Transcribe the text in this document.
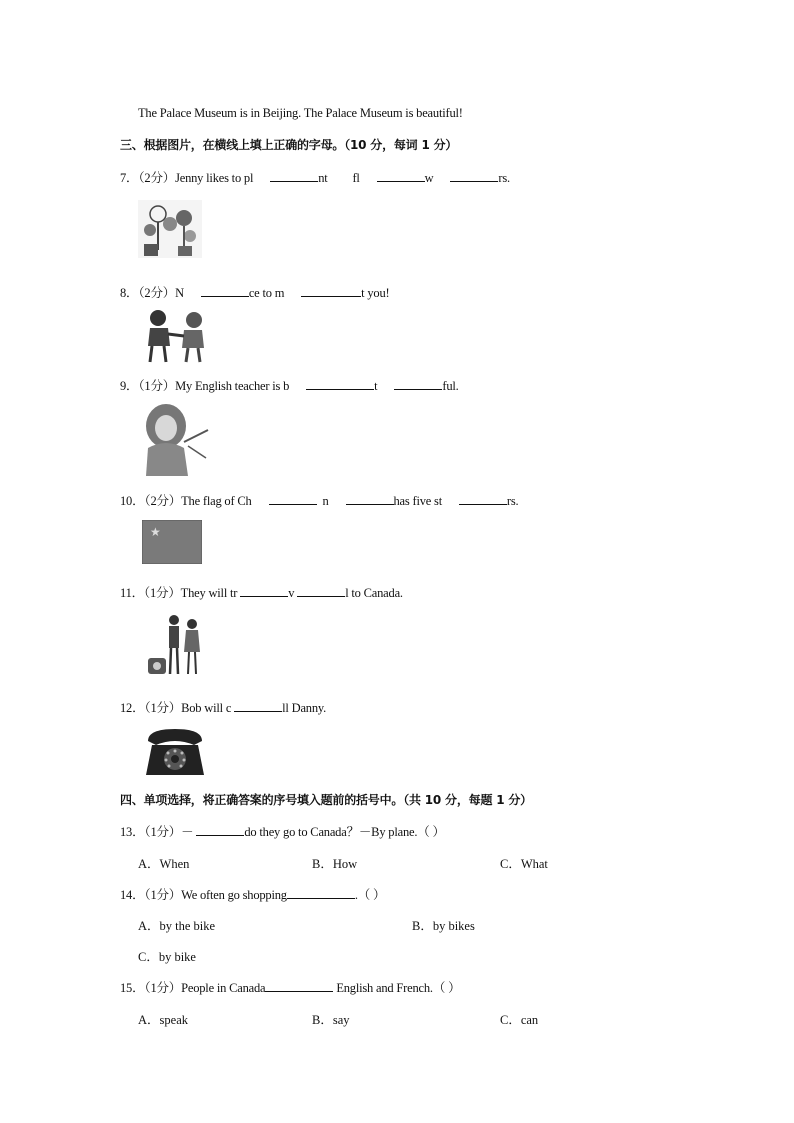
The Palace Museum is in Beijing. The Palace Museum is beautiful!
三、根据图片，在横线上填上正确的字母。（10 分，每词 1 分）
7．（2分）Jenny likes to pl	nt fl	w	rs.
8．（2分）N	ce to m	t you!
9．（1分）My English teacher is b	t	ful.
10．（2分）The flag of Ch	n	has five st	rs.
★
11．（1分）They will tr	v	l to Canada.
12．（1分）Bob will c	ll Danny.
四、单项选择，将正确答案的序号填入题前的括号中。（共 10 分，每题 1 分）
13．（1分）－	do they go to Canada？－By plane.（ ）
A．When	B．How	C．What
14．（1分）We often go shopping	.（ ）
A．by the bike	B．by bikes
C．by bike
15．（1分）People in Canada	English and French.（ ）
A．speak	B．say	C．can
